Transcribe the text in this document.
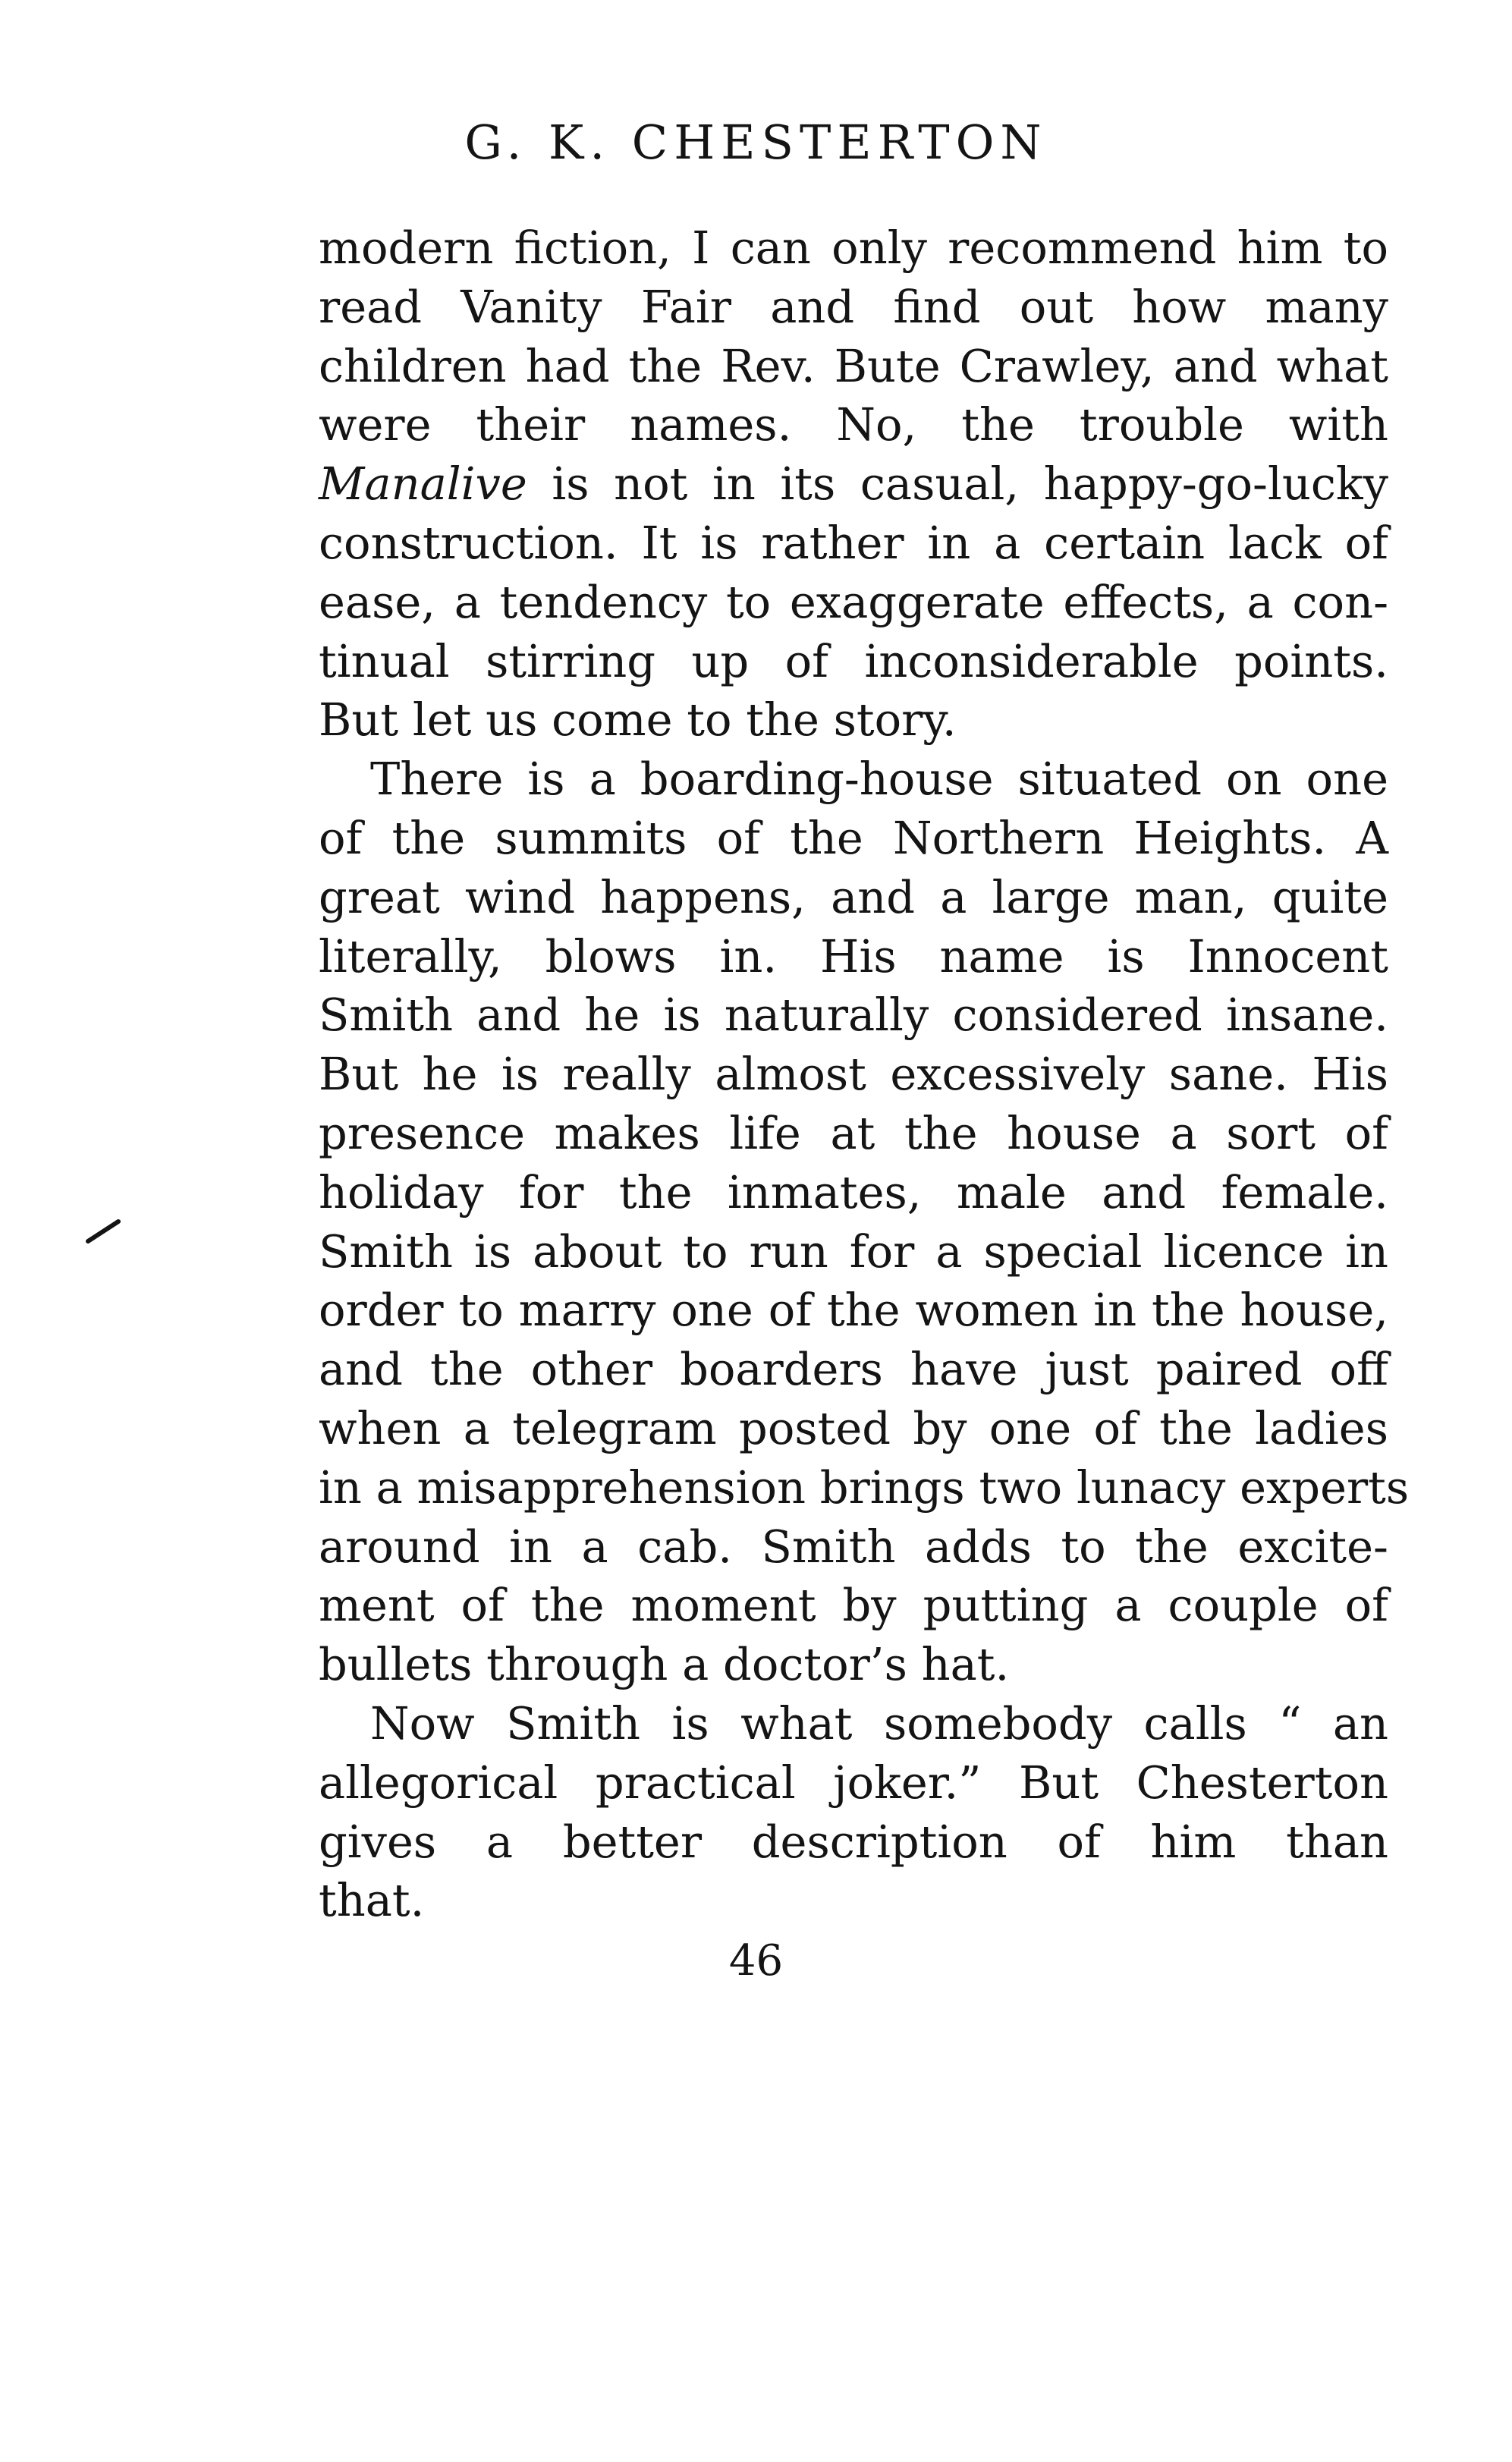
G. K. CHESTERTON
modern fiction, I can only recommend him to
read Vanity Fair and find out how many
children had the Rev. Bute Crawley, and what
were their names. No, the trouble with
Manalive is not in its casual, happy-go-lucky
construction. It is rather in a certain lack of
ease, a tendency to exaggerate effects, a con-
tinual stirring up of inconsiderable points.
But let us come to the story.
There is a boarding-house situated on one
of the summits of the Northern Heights. A
great wind happens, and a large man, quite
literally, blows in. His name is Innocent
Smith and he is naturally considered insane.
But he is really almost excessively sane. His
presence makes life at the house a sort of
holiday for the inmates, male and female.
Smith is about to run for a special licence in
order to marry one of the women in the house,
and the other boarders have just paired off
when a telegram posted by one of the ladies
in a misapprehension brings two lunacy experts
around in a cab. Smith adds to the excite-
ment of the moment by putting a couple of
bullets through a doctor’s hat.
Now Smith is what somebody calls “ an
allegorical practical joker.” But Chesterton
gives a better description of him than
that.
46
